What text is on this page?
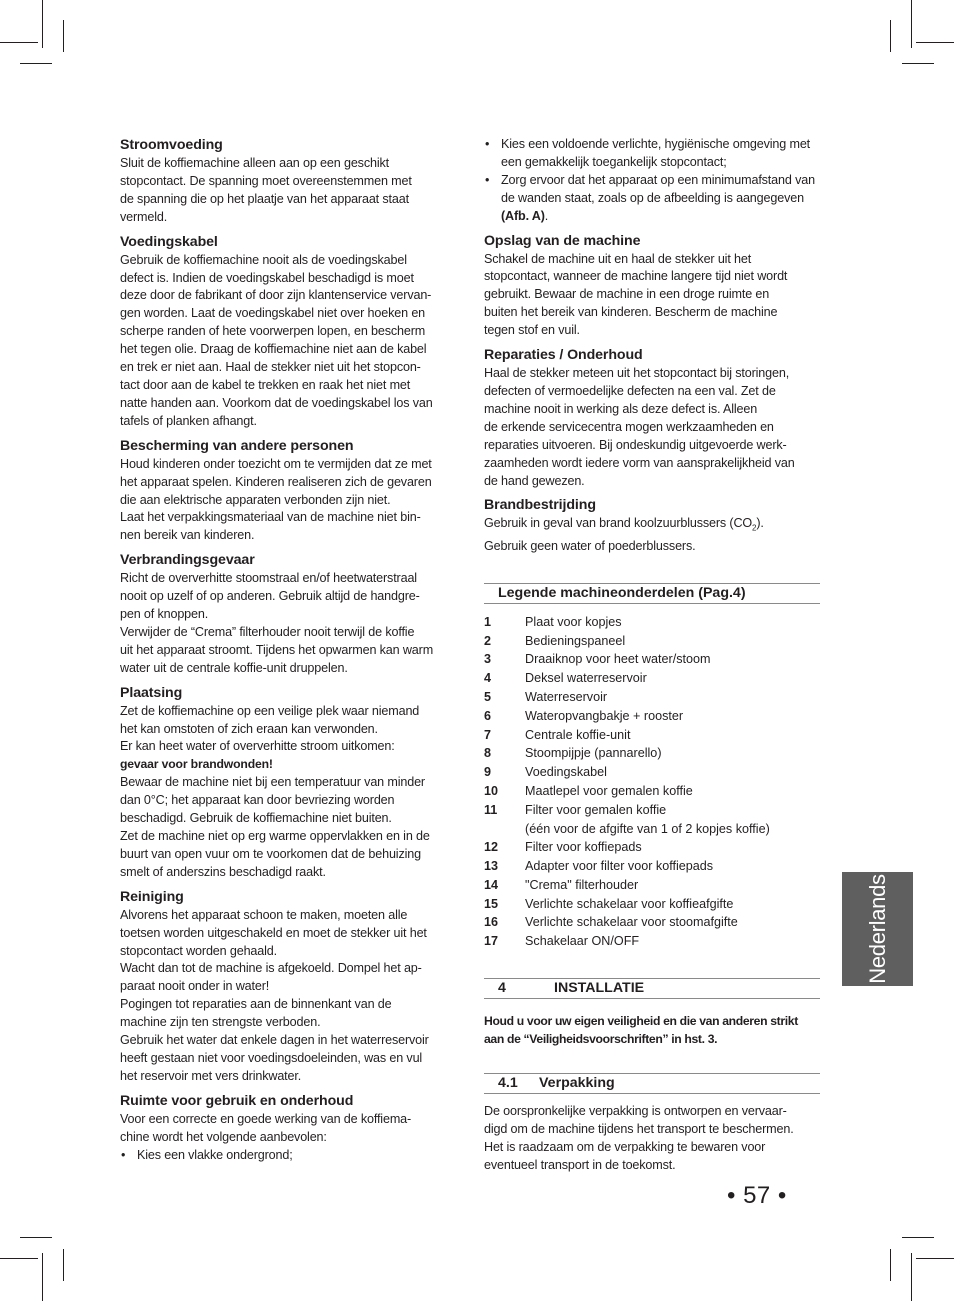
Stroomvoeding

Sluit de koffiemachine alleen aan op een geschikt
stopcontact. De spanning moet overeenstemmen met
de spanning die op het plaatje van het apparaat staat
vermeld.

Voedingskabel

Gebruik de koffiemachine nooit als de voedingskabel
defect is. Indien de voedingskabel beschadigd is moet
deze door de fabrikant of door zijn klantenservice vervan-
gen worden. Laat de voedingskabel niet over hoeken en
scherpe randen of hete voorwerpen lopen, en bescherm
het tegen olie. Draag de koffiemachine niet aan de kabel
en trek er niet aan. Haal de stekker niet uit het stopcon-
tact door aan de kabel te trekken en raak het niet met
natte handen aan. Voorkom dat de voedingskabel los van
tafels of planken afhangt.

Bescherming van andere personen

Houd kinderen onder toezicht om te vermijden dat ze met
het apparaat spelen. Kinderen realiseren zich de gevaren
die aan elektrische apparaten verbonden zijn niet.
Laat het verpakkingsmateriaal van de machine niet bin-
nen bereik van kinderen.

Verbrandingsgevaar

Richt de oververhitte stoomstraal en/of heetwaterstraal
nooit op uzelf of op anderen. Gebruik altijd de handgre-
pen of knoppen.
Verwijder de “Crema” filterhouder nooit terwijl de koffie
uit het apparaat stroomt. Tijdens het opwarmen kan warm
water uit de centrale koffie-unit druppelen.

Plaatsing

Zet de koffiemachine op een veilige plek waar niemand
het kan omstoten of zich eraan kan verwonden.
Er kan heet water of oververhitte stroom uitkomen:
gevaar voor brandwonden!
Bewaar de machine niet bij een temperatuur van minder
dan 0°C; het apparaat kan door bevriezing worden
beschadigd. Gebruik de koffiemachine niet buiten.
Zet de machine niet op erg warme oppervlakken en in de
buurt van open vuur om te voorkomen dat de behuizing
smelt of anderszins beschadigd raakt.

Reiniging

Alvorens het apparaat schoon te maken, moeten alle
toetsen worden uitgeschakeld en moet de stekker uit het
stopcontact worden gehaald.
Wacht dan tot de machine is afgekoeld. Dompel het ap-
paraat nooit onder in water!
Pogingen tot reparaties aan de binnenkant van de
machine zijn ten strengste verboden.
Gebruik het water dat enkele dagen in het waterreservoir
heeft gestaan niet voor voedingsdoeleinden, was en vul
het reservoir met vers drinkwater.

Ruimte voor gebruik en onderhoud

Voor een correcte en goede werking van de koffiema-
chine wordt het volgende aanbevolen:

• Kies een vlakke ondergrond;

• Kies een voldoende verlichte, hygiënische omgeving met
een gemakkelijk toegankelijk stopcontact;

• Zorg ervoor dat het apparaat op een minimumafstand van
de wanden staat, zoals op de afbeelding is aangegeven
(Afb. A).

Opslag van de machine

Schakel de machine uit en haal de stekker uit het
stopcontact, wanneer de machine langere tijd niet wordt
gebruikt. Bewaar de machine in een droge ruimte en
buiten het bereik van kinderen. Bescherm de machine
tegen stof en vuil.

Reparaties / Onderhoud

Haal de stekker meteen uit het stopcontact bij storingen,
defecten of vermoedelijke defecten na een val. Zet de
machine nooit in werking als deze defect is. Alleen
de erkende servicecentra mogen werkzaamheden en
reparaties uitvoeren. Bij ondeskundig uitgevoerde werk-
zaamheden wordt iedere vorm van aansprakelijkheid van
de hand gewezen.

Brandbestrijding

Gebruik in geval van brand koolzuurblussers $(CO_2)$.
Gebruik geen water of poederblussers.

Legende machineonderdelen (Pag.4)
1	Plaat voor kopjes
2	Bedieningspaneel
3	Draaiknop voor heet water/stoom
4	Deksel waterreservoir
5	Waterreservoir
6	Wateropvangbakje + rooster
7	Centrale koffie-unit
8	Stoompijpje (pannarello)
9	Voedingskabel
10	Maatlepel voor gemalen koffie
11	Filter voor gemalen koffie
(één voor de afgifte van 1 of 2 kopjes koffie)
12	Filter voor koffiepads
13	Adapter voor filter voor koffiepads
14	"Crema" filterhouder
15	Verlichte schakelaar voor koffieafgifte
16	Verlichte schakelaar voor stoomafgifte
17	Schakelaar ON/OFF
4	INSTALLATIE

Houd u voor uw eigen veiligheid en die van anderen strikt
aan de “Veiligheidsvoorschriften” in hst. 3.

4.1	Verpakking

De oorspronkelijke verpakking is ontworpen en vervaar-
digd om de machine tijdens het transport te beschermen.
Het is raadzaam om de verpakking te bewaren voor
eventueel transport in de toekomst.

Nederlands
• 57 •
